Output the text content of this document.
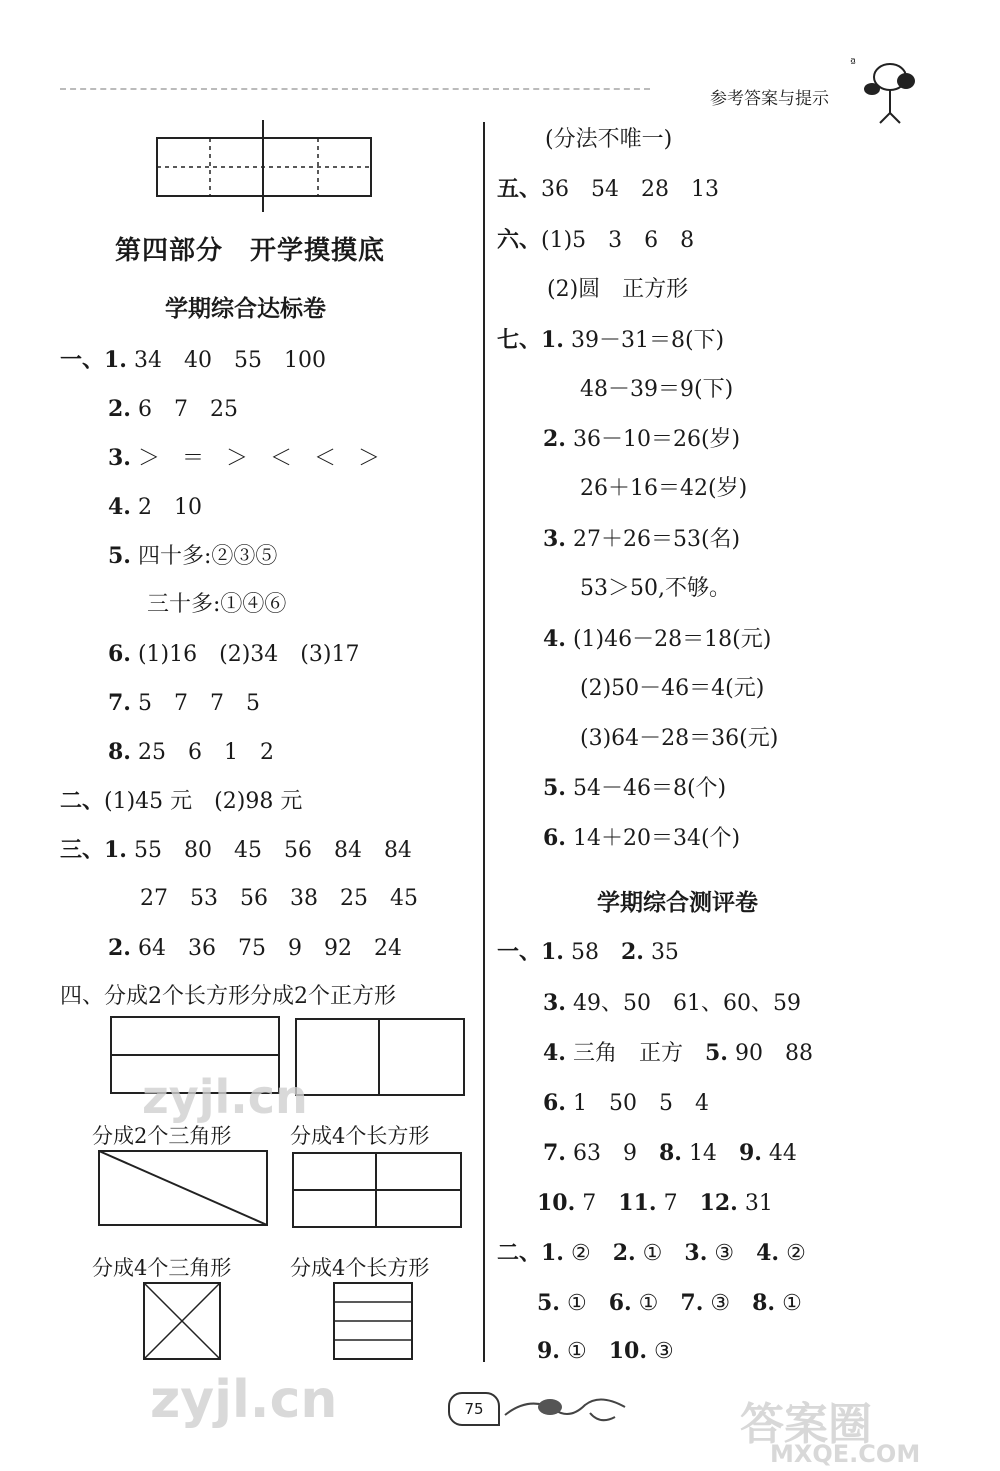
参考答案与提示
ª
第四部分　开学摸摸底
学期综合达标卷
一、1. 34　40　55　100
2. 6　7　25
3. ＞　＝　＞　＜　＜　＞
4. 2　10
5. 四十多:②③⑤
三十多:①④⑥
6. (1)16　(2)34　(3)17
7. 5　7　7　5
8. 25　6　1　2
二、(1)45 元　(2)98 元
三、1. 55　80　45　56　84　84
27　53　56　38　25　45
2. 64　36　75　9　92　24
四、分成2个长方形分成2个正方形
分成2个三角形	分成4个长方形
分成4个三角形	分成4个长方形
(分法不唯一)
五、36　54　28　13
六、(1)5　3　6　8
(2)圆　正方形
七、1. 39－31＝8(下)
48－39＝9(下)
2. 36－10＝26(岁)
26＋16＝42(岁)
3. 27＋26＝53(名)
53＞50,不够。
4. (1)46－28＝18(元)
(2)50－46＝4(元)
(3)64－28＝36(元)
5. 54－46＝8(个)
6. 14＋20＝34(个)
学期综合测评卷
一、1. 58　2. 35
3. 49、50　61、60、59
4. 三角　正方　5. 90　88
6. 1　50　5　4
7. 63　9　8. 14　9. 44
10. 7　11. 7　12. 31
二、1. ②　2. ①　3. ③　4. ②
5. ①　6. ①　7. ③　8. ①
9. ①　10. ③
75
zyjl.cn
zyjl.cn	答案圈
MXQE.COM
